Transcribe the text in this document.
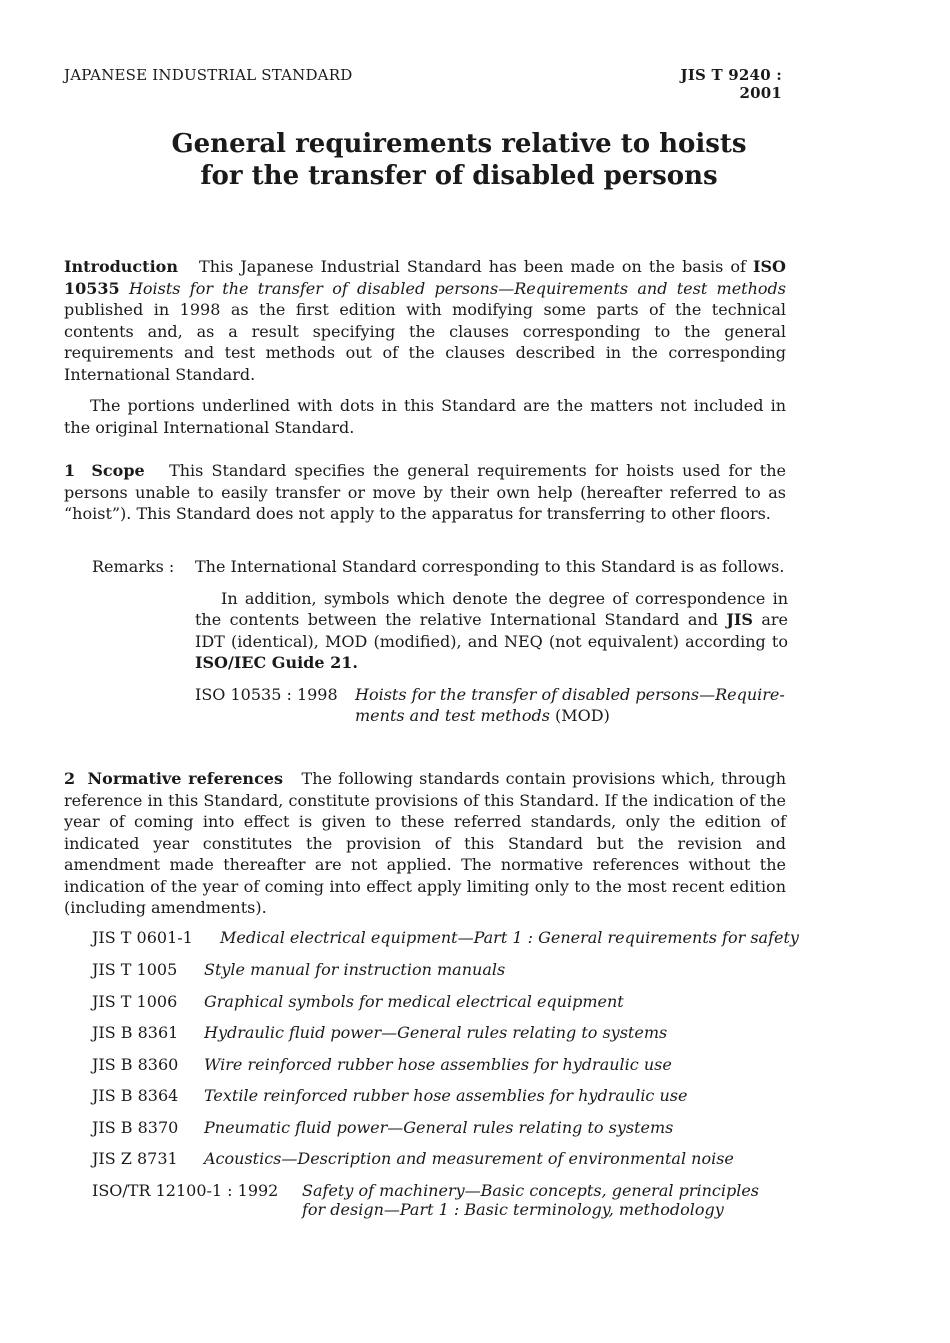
JAPANESE INDUSTRIAL STANDARD	JIS T 9240 : 2001
General requirements relative to hoists
for the transfer of disabled persons

Introduction This Japanese Industrial Standard has been made on the basis of ISO 10535 Hoists for the transfer of disabled persons—Requirements and test methods published in 1998 as the first edition with modifying some parts of the technical contents and, as a result specifying the clauses corresponding to the general requirements and test methods out of the clauses described in the corresponding International Standard.

The portions underlined with dots in this Standard are the matters not included in the original International Standard.

1 Scope This Standard specifies the general requirements for hoists used for the persons unable to easily transfer or move by their own help (hereafter referred to as “hoist”). This Standard does not apply to the apparatus for transferring to other floors.

Remarks :	The International Standard corresponding to this Standard is as follows.
In addition, symbols which denote the degree of correspondence in the contents between the relative International Standard and JIS are IDT (identical), MOD (modified), and NEQ (not equivalent) according to ISO/IEC Guide 21.
ISO 10535 : 1998	Hoists for the transfer of disabled persons—Require-
ments and test methods (MOD)

2 Normative references The following standards contain provisions which, through reference in this Standard, constitute provisions of this Standard. If the indication of the year of coming into effect is given to these referred standards, only the edition of indicated year constitutes the provision of this Standard but the revision and amendment made thereafter are not applied. The normative references without the indication of the year of coming into effect apply limiting only to the most recent edition (including amendments).

JIS T 0601-1	Medical electrical equipment—Part 1 : General requirements for safety
JIS T 1005	Style manual for instruction manuals
JIS T 1006	Graphical symbols for medical electrical equipment
JIS B 8361	Hydraulic fluid power—General rules relating to systems
JIS B 8360	Wire reinforced rubber hose assemblies for hydraulic use
JIS B 8364	Textile reinforced rubber hose assemblies for hydraulic use
JIS B 8370	Pneumatic fluid power—General rules relating to systems
JIS Z 8731	Acoustics—Description and measurement of environmental noise
ISO/TR 12100-1 : 1992	Safety of machinery—Basic concepts, general principles
for design—Part 1 : Basic terminology, methodology
